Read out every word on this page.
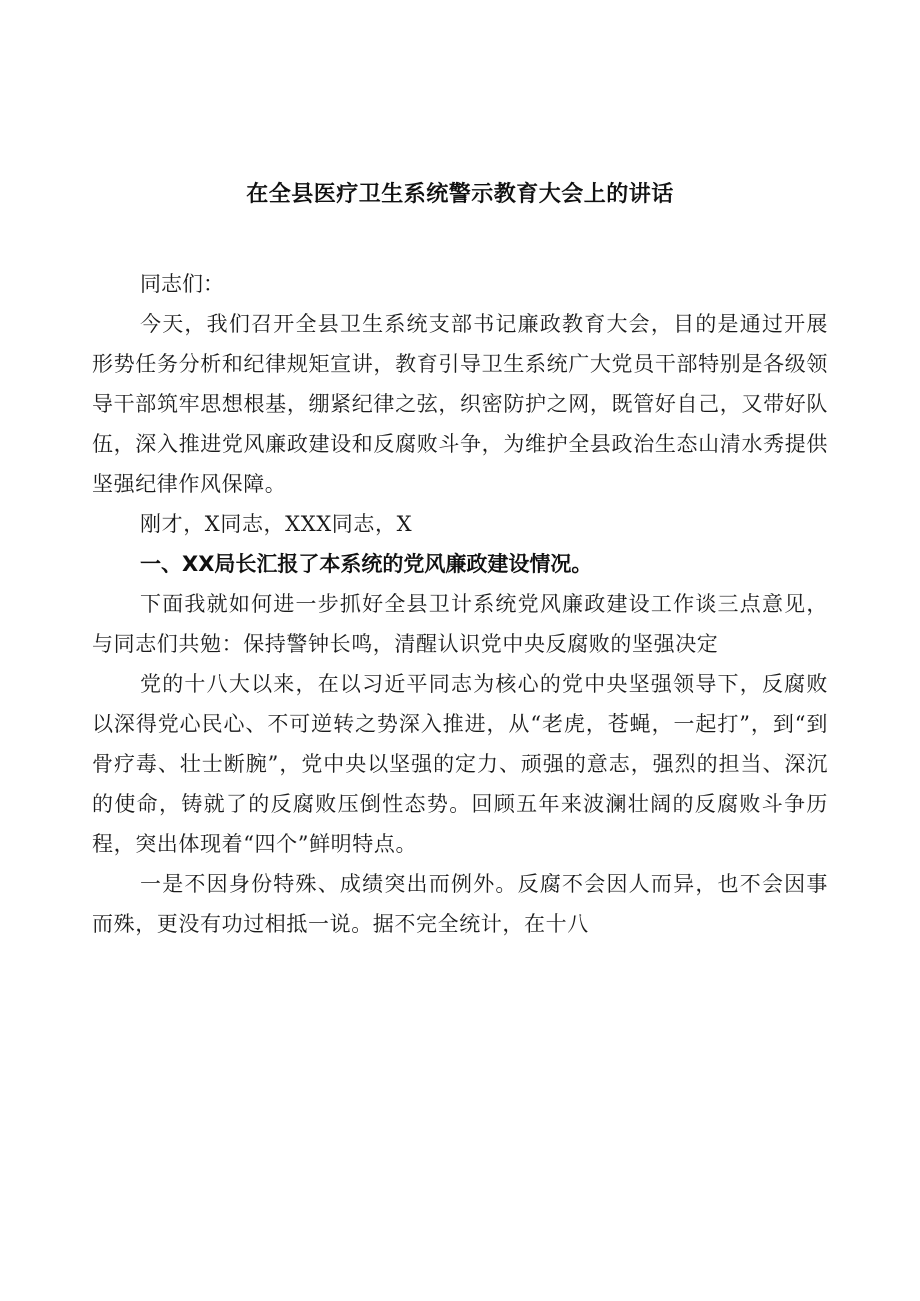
在全县医疗卫生系统警示教育大会上的讲话

同志们：

今天，我们召开全县卫生系统支部书记廉政教育大会，目的是通过开展形势任务分析和纪律规矩宣讲，教育引导卫生系统广大党员干部特别是各级领导干部筑牢思想根基，绷紧纪律之弦，织密防护之网，既管好自己，又带好队伍，深入推进党风廉政建设和反腐败斗争，为维护全县政治生态山清水秀提供坚强纪律作风保障。

刚才，X同志，XXX同志，X

一、XX局长汇报了本系统的党风廉政建设情况。

下面我就如何进一步抓好全县卫计系统党风廉政建设工作谈三点意见，与同志们共勉：保持警钟长鸣，清醒认识党中央反腐败的坚强决定

党的十八大以来，在以习近平同志为核心的党中央坚强领导下，反腐败以深得党心民心、不可逆转之势深入推进，从“老虎，苍蝇，一起打”，到“到骨疗毒、壮士断腕”，党中央以坚强的定力、顽强的意志，强烈的担当、深沉的使命，铸就了的反腐败压倒性态势。回顾五年来波澜壮阔的反腐败斗争历程，突出体现着“四个”鲜明特点。

一是不因身份特殊、成绩突出而例外。反腐不会因人而异，也不会因事而殊，更没有功过相抵一说。据不完全统计，在十八
